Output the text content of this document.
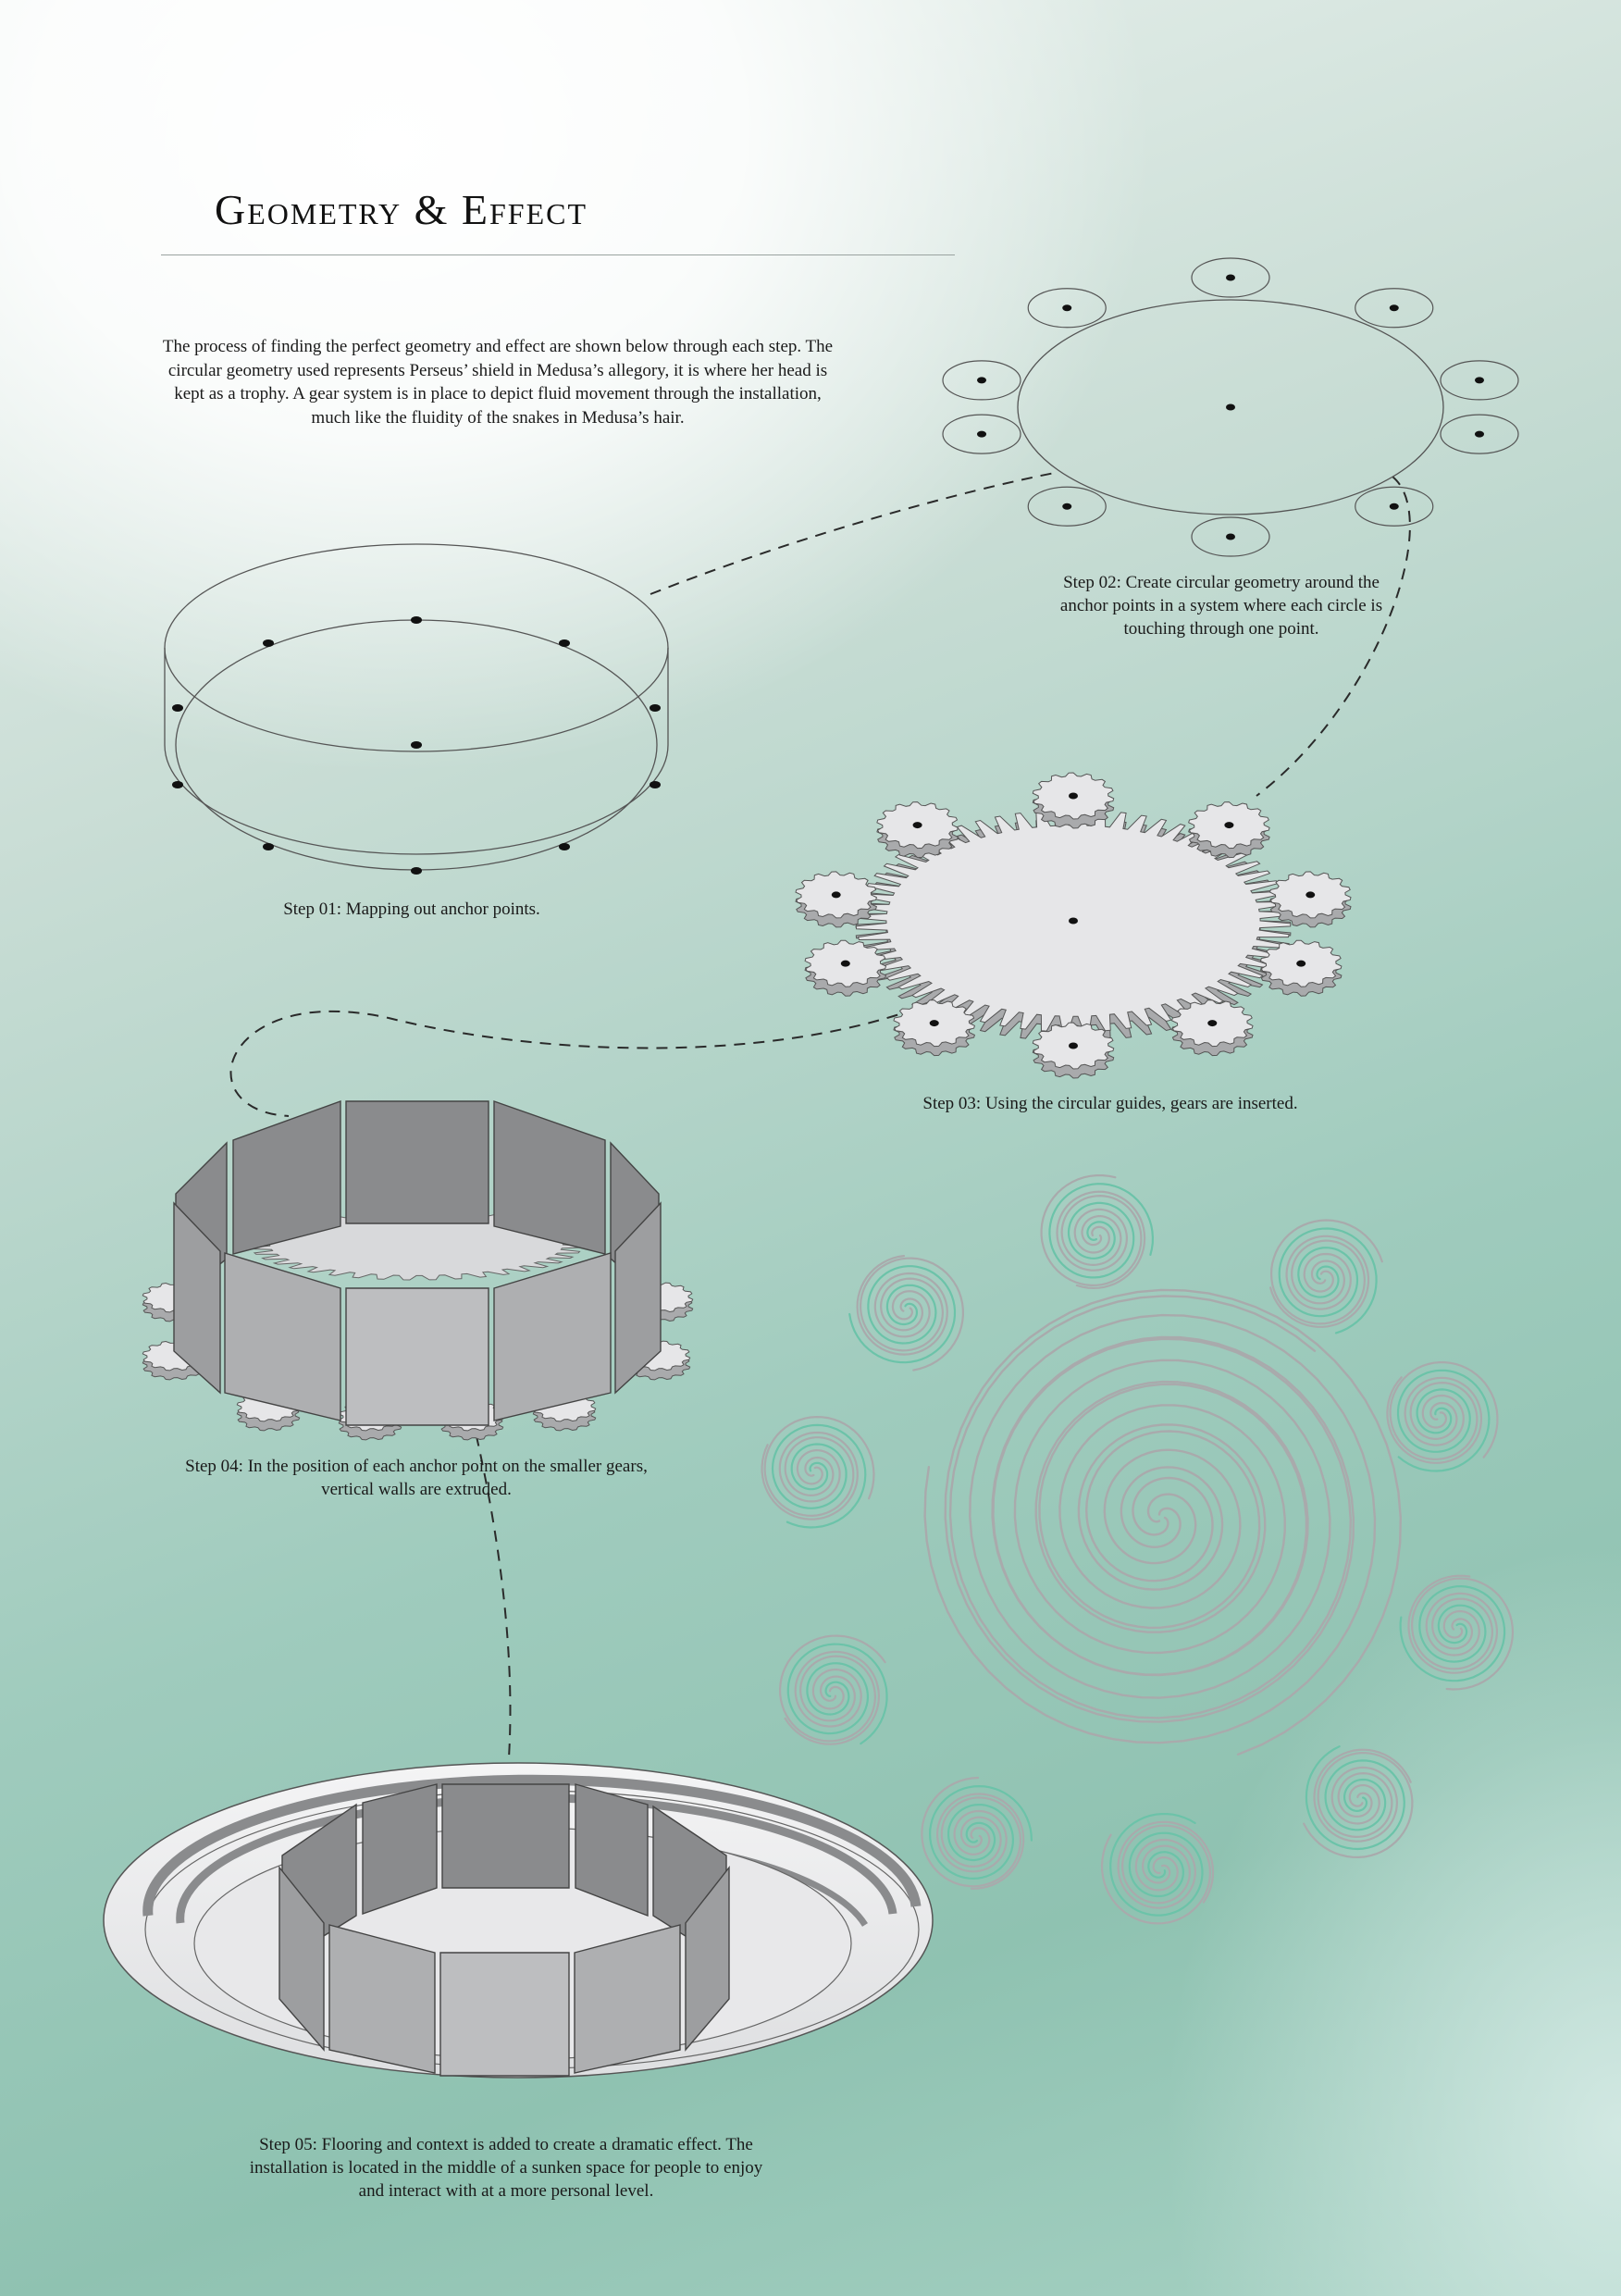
Geometry & Effect

The process of finding the perfect geometry and effect are shown below through each step. The circular geometry used represents Perseus’ shield in Medusa’s allegory, it is where her head is kept as a trophy. A gear system is in place to depict fluid movement through the installation, much like the fluidity of the snakes in Medusa’s hair.

Step 01: Mapping out anchor points.

Step 02: Create circular geometry around the anchor points in a system where each circle is touching through one point.

Step 03: Using the circular guides, gears are inserted.

Step 04: In the position of each anchor point on the smaller gears, vertical walls are extruded.

Step 05: Flooring and context is added to create a dramatic effect. The installation is located in the middle of a sunken space for people to enjoy and interact with at a more personal level.
